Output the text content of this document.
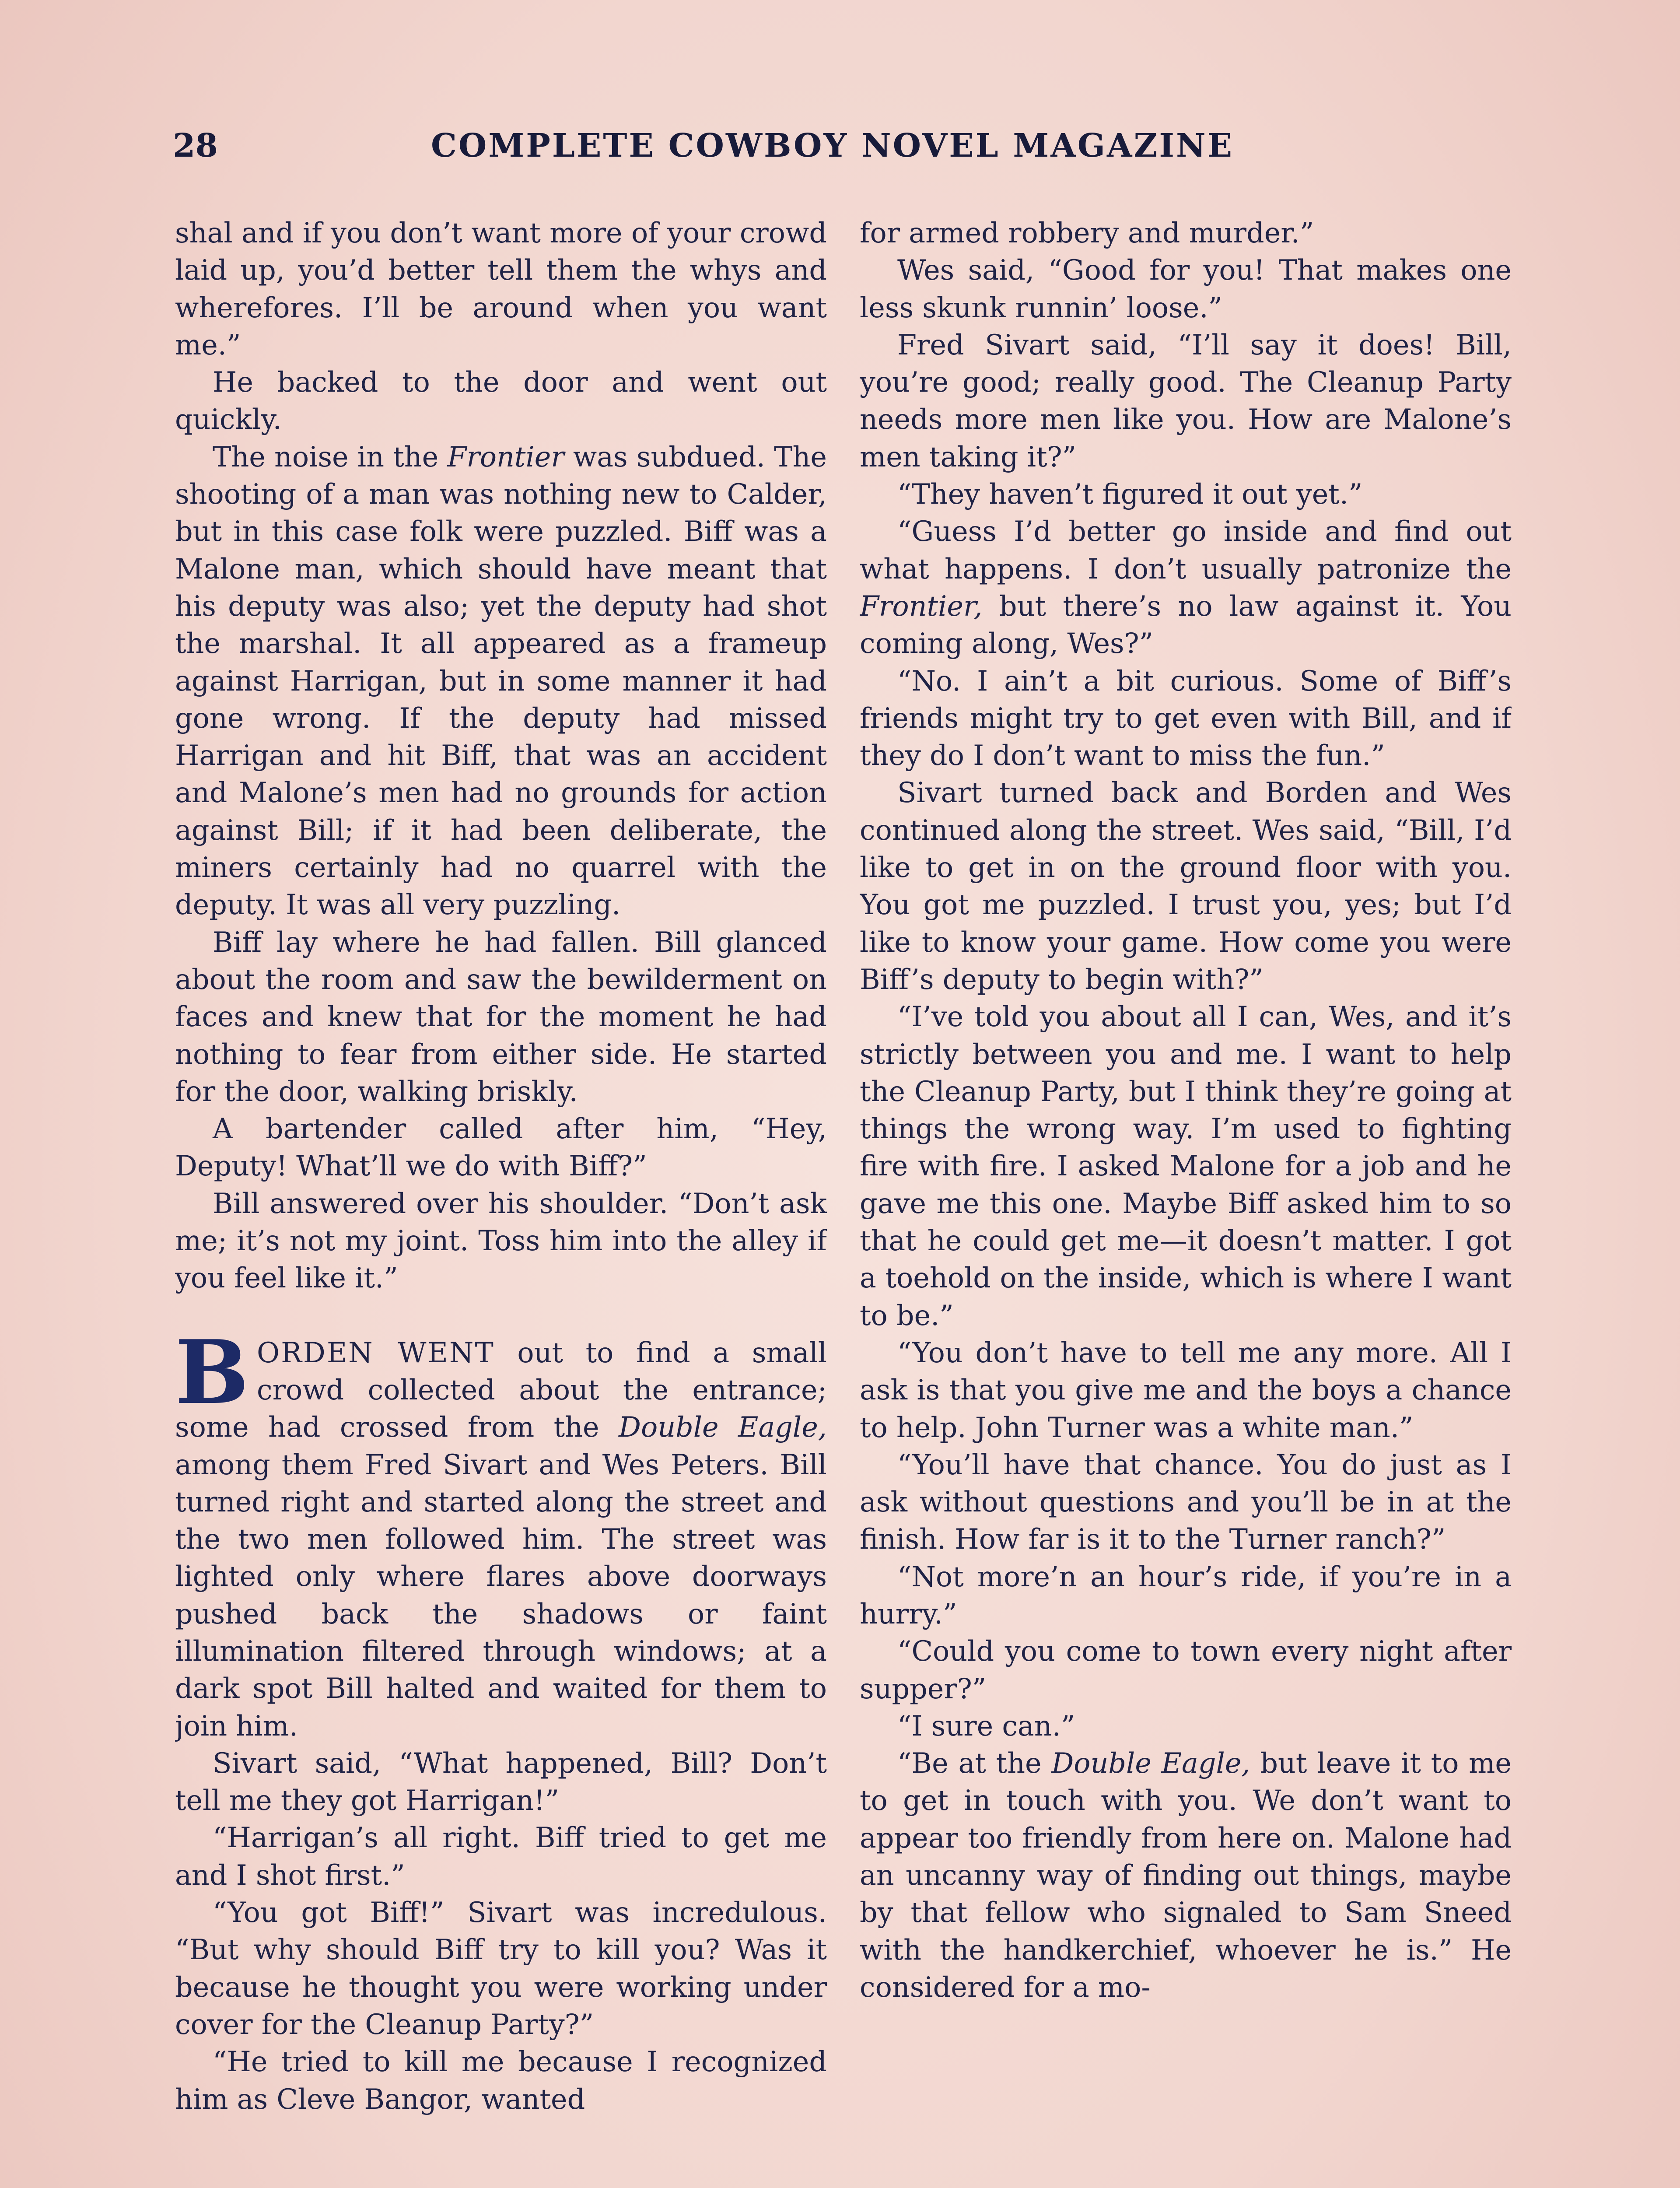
28	COMPLETE COWBOY NOVEL MAGAZINE

shal and if you don’t want more of your crowd laid up, you’d better tell them the whys and wherefores. I’ll be around when you want me.”

He backed to the door and went out quickly.

The noise in the Frontier was subdued. The shooting of a man was nothing new to Calder, but in this case folk were puzzled. Biff was a Malone man, which should have meant that his deputy was also; yet the deputy had shot the marshal. It all appeared as a frameup against Harrigan, but in some manner it had gone wrong. If the deputy had missed Harrigan and hit Biff, that was an accident and Malone’s men had no grounds for action against Bill; if it had been deliberate, the miners certainly had no quarrel with the deputy. It was all very puzzling.

Biff lay where he had fallen. Bill glanced about the room and saw the bewilderment on faces and knew that for the moment he had nothing to fear from either side. He started for the door, walking briskly.

A bartender called after him, “Hey, Deputy! What’ll we do with Biff?”

Bill answered over his shoulder. “Don’t ask me; it’s not my joint. Toss him into the alley if you feel like it.”

BORDEN WENT out to find a small crowd collected about the entrance; some had crossed from the Double Eagle, among them Fred Sivart and Wes Peters. Bill turned right and started along the street and the two men followed him. The street was lighted only where flares above doorways pushed back the shadows or faint illumination filtered through windows; at a dark spot Bill halted and waited for them to join him.

Sivart said, “What happened, Bill? Don’t tell me they got Harrigan!”

“Harrigan’s all right. Biff tried to get me and I shot first.”

“You got Biff!” Sivart was incredulous. “But why should Biff try to kill you? Was it because he thought you were working under cover for the Cleanup Party?”

“He tried to kill me because I recognized him as Cleve Bangor, wanted

for armed robbery and murder.”

Wes said, “Good for you! That makes one less skunk runnin’ loose.”

Fred Sivart said, “I’ll say it does! Bill, you’re good; really good. The Cleanup Party needs more men like you. How are Malone’s men taking it?”

“They haven’t figured it out yet.”

“Guess I’d better go inside and find out what happens. I don’t usually patronize the Frontier, but there’s no law against it. You coming along, Wes?”

“No. I ain’t a bit curious. Some of Biff’s friends might try to get even with Bill, and if they do I don’t want to miss the fun.”

Sivart turned back and Borden and Wes continued along the street. Wes said, “Bill, I’d like to get in on the ground floor with you. You got me puzzled. I trust you, yes; but I’d like to know your game. How come you were Biff’s deputy to begin with?”

“I’ve told you about all I can, Wes, and it’s strictly between you and me. I want to help the Cleanup Party, but I think they’re going at things the wrong way. I’m used to fighting fire with fire. I asked Malone for a job and he gave me this one. Maybe Biff asked him to so that he could get me—it doesn’t matter. I got a toehold on the inside, which is where I want to be.”

“You don’t have to tell me any more. All I ask is that you give me and the boys a chance to help. John Turner was a white man.”

“You’ll have that chance. You do just as I ask without questions and you’ll be in at the finish. How far is it to the Turner ranch?”

“Not more’n an hour’s ride, if you’re in a hurry.”

“Could you come to town every night after supper?”

“I sure can.”

“Be at the Double Eagle, but leave it to me to get in touch with you. We don’t want to appear too friendly from here on. Malone had an uncanny way of finding out things, maybe by that fellow who signaled to Sam Sneed with the handkerchief, whoever he is.” He considered for a mo-
